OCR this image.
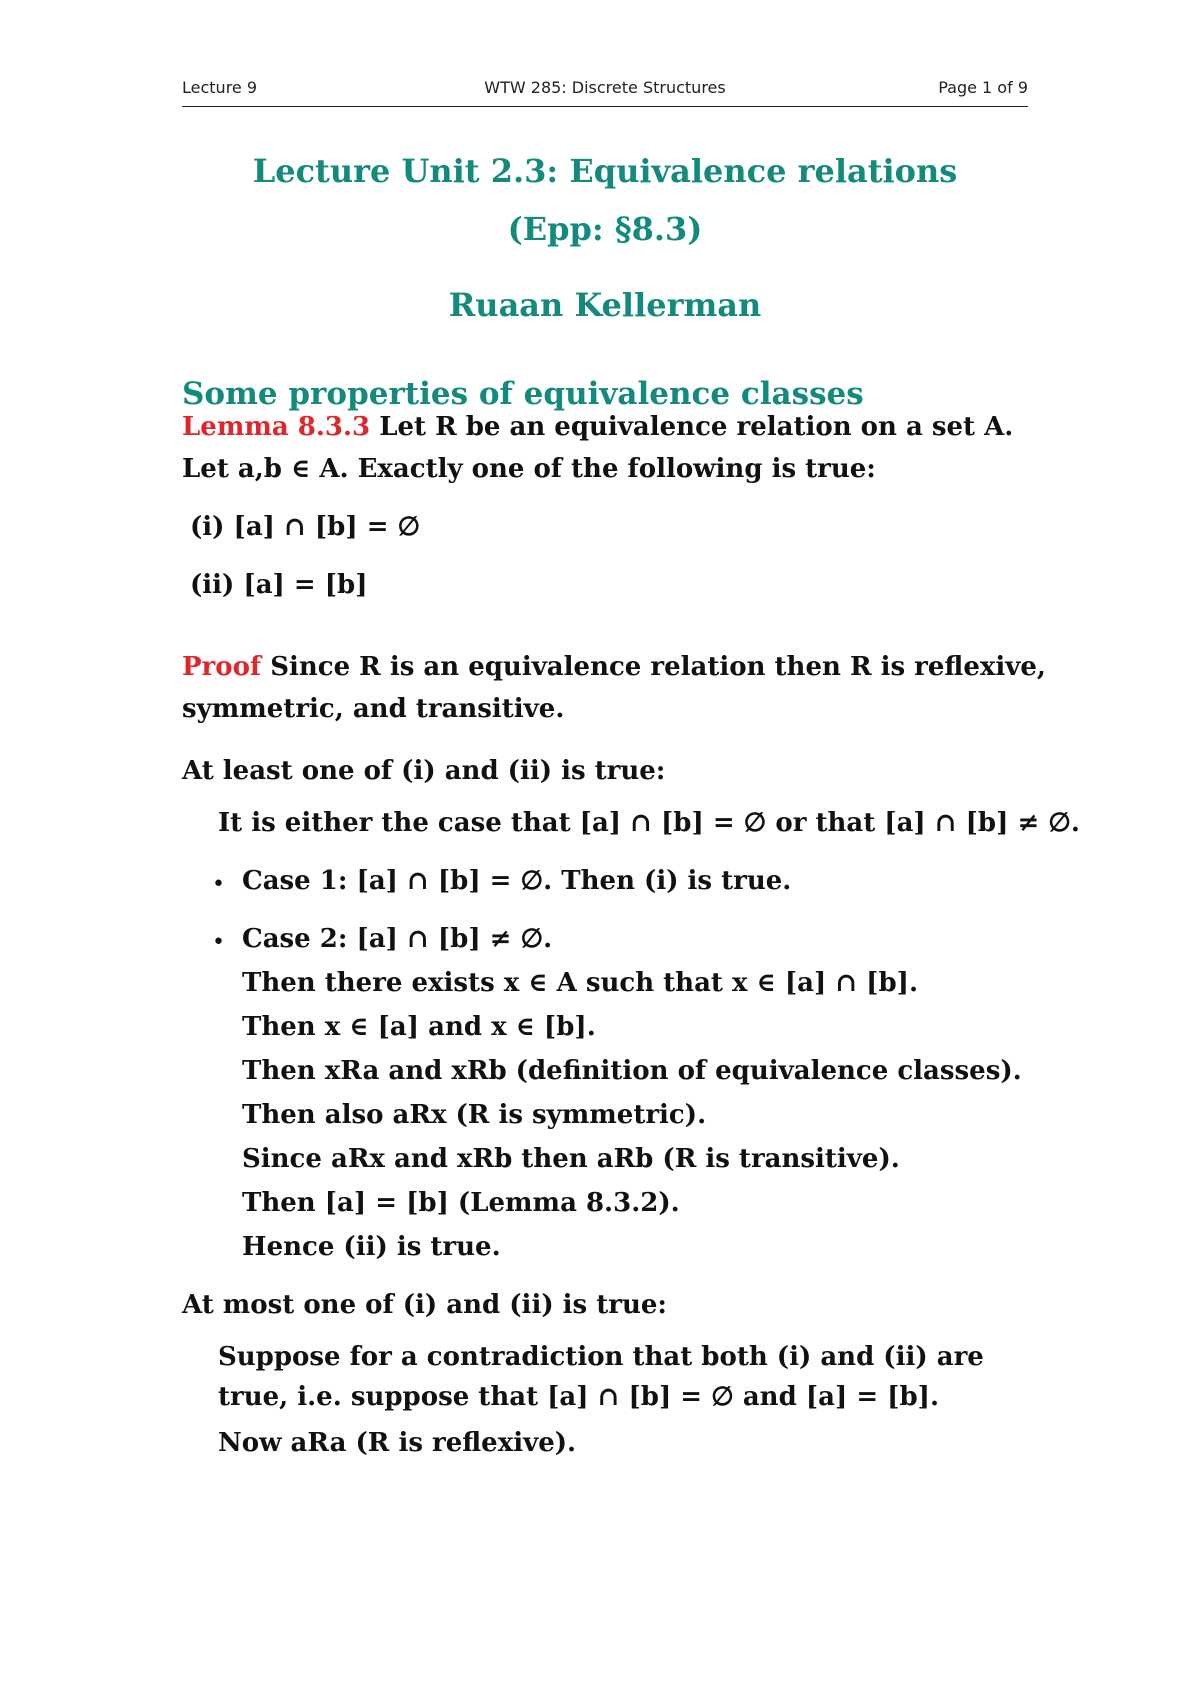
Lecture 9	WTW 285: Discrete Structures	Page 1 of 9
Lecture Unit 2.3: Equivalence relations
(Epp: §8.3)
Ruaan Kellerman
Some properties of equivalence classes
Lemma 8.3.3 Let R be an equivalence relation on a set A.
Let a,b ∈ A. Exactly one of the following is true:
(i) [a] ∩ [b] = ∅
(ii) [a] = [b]
Proof Since R is an equivalence relation then R is reflexive,
symmetric, and transitive.
At least one of (i) and (ii) is true:
It is either the case that [a] ∩ [b] = ∅ or that [a] ∩ [b] ≠ ∅.
• Case 1: [a] ∩ [b] = ∅. Then (i) is true.
• Case 2: [a] ∩ [b] ≠ ∅.
Then there exists x ∈ A such that x ∈ [a] ∩ [b].
Then x ∈ [a] and x ∈ [b].
Then xRa and xRb (definition of equivalence classes).
Then also aRx (R is symmetric).
Since aRx and xRb then aRb (R is transitive).
Then [a] = [b] (Lemma 8.3.2).
Hence (ii) is true.
At most one of (i) and (ii) is true:
Suppose for a contradiction that both (i) and (ii) are
true, i.e. suppose that [a] ∩ [b] = ∅ and [a] = [b].
Now aRa (R is reflexive).
